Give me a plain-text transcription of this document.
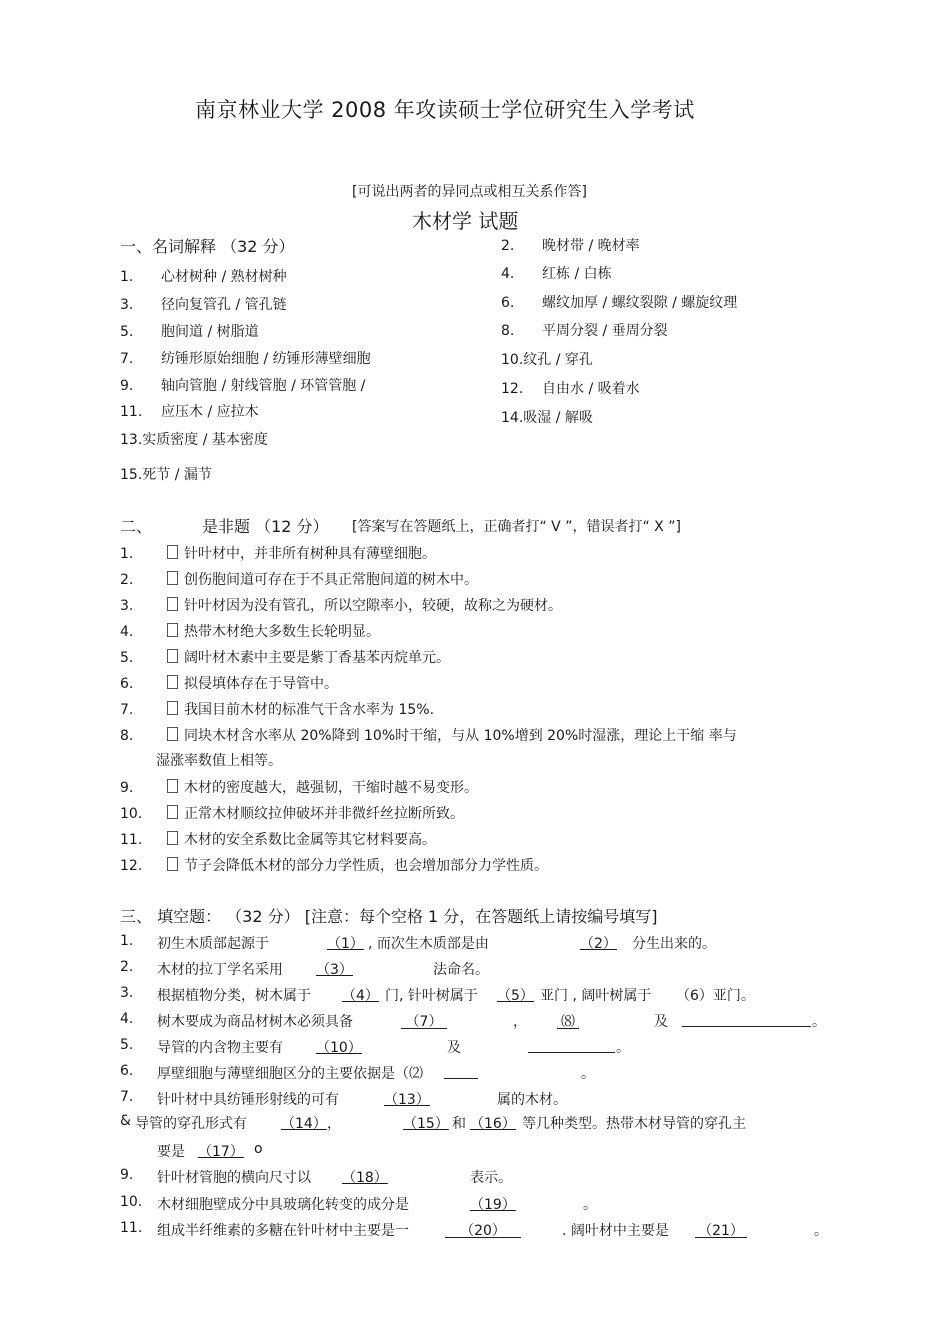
南京林业大学 2008 年攻读硕士学位研究生入学考试
[可说出两者的异同点或相互关系作答]
木材学 试题
一、名词解释 （32 分）
1. 心材树种 / 熟材树种
3. 径向复管孔 / 管孔链
5. 胞间道 / 树脂道
7. 纺锤形原始细胞 / 纺锤形薄壁细胞
9. 轴向管胞 / 射线管胞 / 环管管胞 /
11. 应压木 / 应拉木
13.实质密度 / 基本密度
15.死节 / 漏节
2. 晚材带 / 晚材率
4. 红栋 / 白栋
6. 螺纹加厚 / 螺纹裂隙 / 螺旋纹理
8. 平周分裂 / 垂周分裂
10.纹孔 / 穿孔
12. 自由水 / 吸着水
14.吸湿 / 解吸
二、	是非题 （12 分） [答案写在答题纸上，正确者打“ V ”，错误者打“ X ”]
1.	针叶材中，并非所有树种具有薄壁细胞。
2.	创伤胞间道可存在于不具正常胞间道的树木中。
3.	针叶材因为没有管孔，所以空隙率小，较硬，故称之为硬材。
4.	热带木材绝大多数生长轮明显。
5.	阔叶材木素中主要是紫丁香基苯丙烷单元。
6.	拟侵填体存在于导管中。
7.	我国目前木材的标准气干含水率为 15%.
8.	同块木材含水率从 20%降到 10%时干缩，与从 10%增到 20%时湿涨，理论上干缩 率与
湿涨率数值上相等。
9.	木材的密度越大，越强韧，干缩时越不易变形。
10.	正常木材顺纹拉伸破坏并非微纤丝拉断所致。
11.	木材的安全系数比金属等其它材料要高。
12.	节子会降低木材的部分力学性质，也会增加部分力学性质。
三、 填空题： （32 分） [注意：每个空格 1 分，在答题纸上请按编号填写]
1. 初生木质部起源于	（1） , 而次生木质部是由	（2） 分生出来的。
2. 木材的拉丁学名采用 （3）	法命名。
3. 根据植物分类，树木属于 （4） 门, 针叶树属于 （5） 亚门 , 阔叶树属于 （6）亚门。
4. 树木要成为商品材树木必须具备	（7）	， ⑻	及	。
5. 导管的内含物主要有 （10）	及	。
6. 厚壁细胞与薄壁细胞区分的主要依据是（⑵	。
7. 针叶材中具纺锤形射线的可有	（13）	属的木材。
& 导管的穿孔形式有 （14） ，	（15） 和 （16） 等几种类型。热带木材导管的穿孔主
要是 （17） o
9. 针叶材管胞的横向尺寸以 （18）	表示。
10. 木材细胞壁成分中具玻璃化转变的成分是	（19）	。
11. 组成半纤维素的多糖在针叶材中主要是一	（20）	. 阔叶材中主要是 （21）	。
